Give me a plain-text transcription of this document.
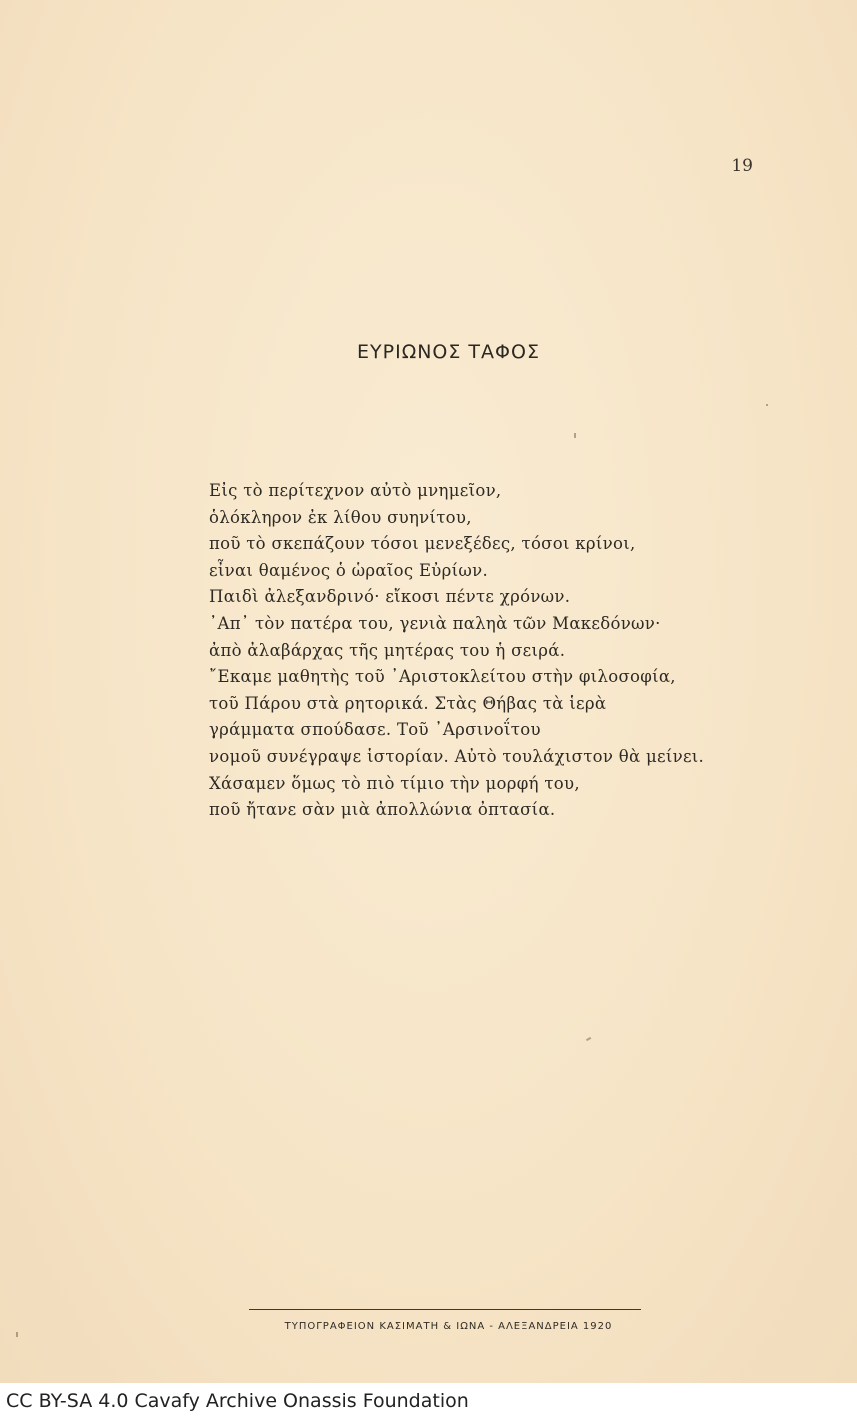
19
ΕΥΡΙΩΝΟΣ ΤΑΦΟΣ
Εἰς τὸ περίτεχνον αὐτὸ μνημεῖον,
ὁλόκληρον ἐκ λίθου συηνίτου,
ποῦ τὸ σκεπάζουν τόσοι μενεξέδες, τόσοι κρίνοι,
εἶναι θαμένος ὁ ὡραῖος Εὐρίων.
Παιδὶ ἀλεξανδρινό· εἴκοσι πέντε χρόνων.
᾽Απ᾽ τὸν πατέρα του, γενιὰ παληὰ τῶν Μακεδόνων·
ἀπὸ ἀλαβάρχας τῆς μητέρας του ἡ σειρά.
῎Εκαμε μαθητὴς τοῦ ᾽Αριστοκλείτου στὴν φιλοσοφία,
τοῦ Πάρου στὰ ρητορικά. Στὰς Θήβας τὰ ἱερὰ
γράμματα σπούδασε. Τοῦ ᾽Αρσινοΐτου
νομοῦ συνέγραψε ἱστορίαν. Αὐτὸ τουλάχιστον θὰ μείνει.
Χάσαμεν ὅμως τὸ πιὸ τίμιο τὴν μορφή του,
ποῦ ἤτανε σὰν μιὰ ἀπολλώνια ὀπτασία.
ΤΥΠΟΓΡΑΦΕΙΟΝ ΚΑΣΙΜΑΤΗ & ΙΩΝΑ - ΑΛΕΞΑΝΔΡΕΙΑ 1920
CC BY-SA 4.0 Cavafy Archive Onassis Foundation
